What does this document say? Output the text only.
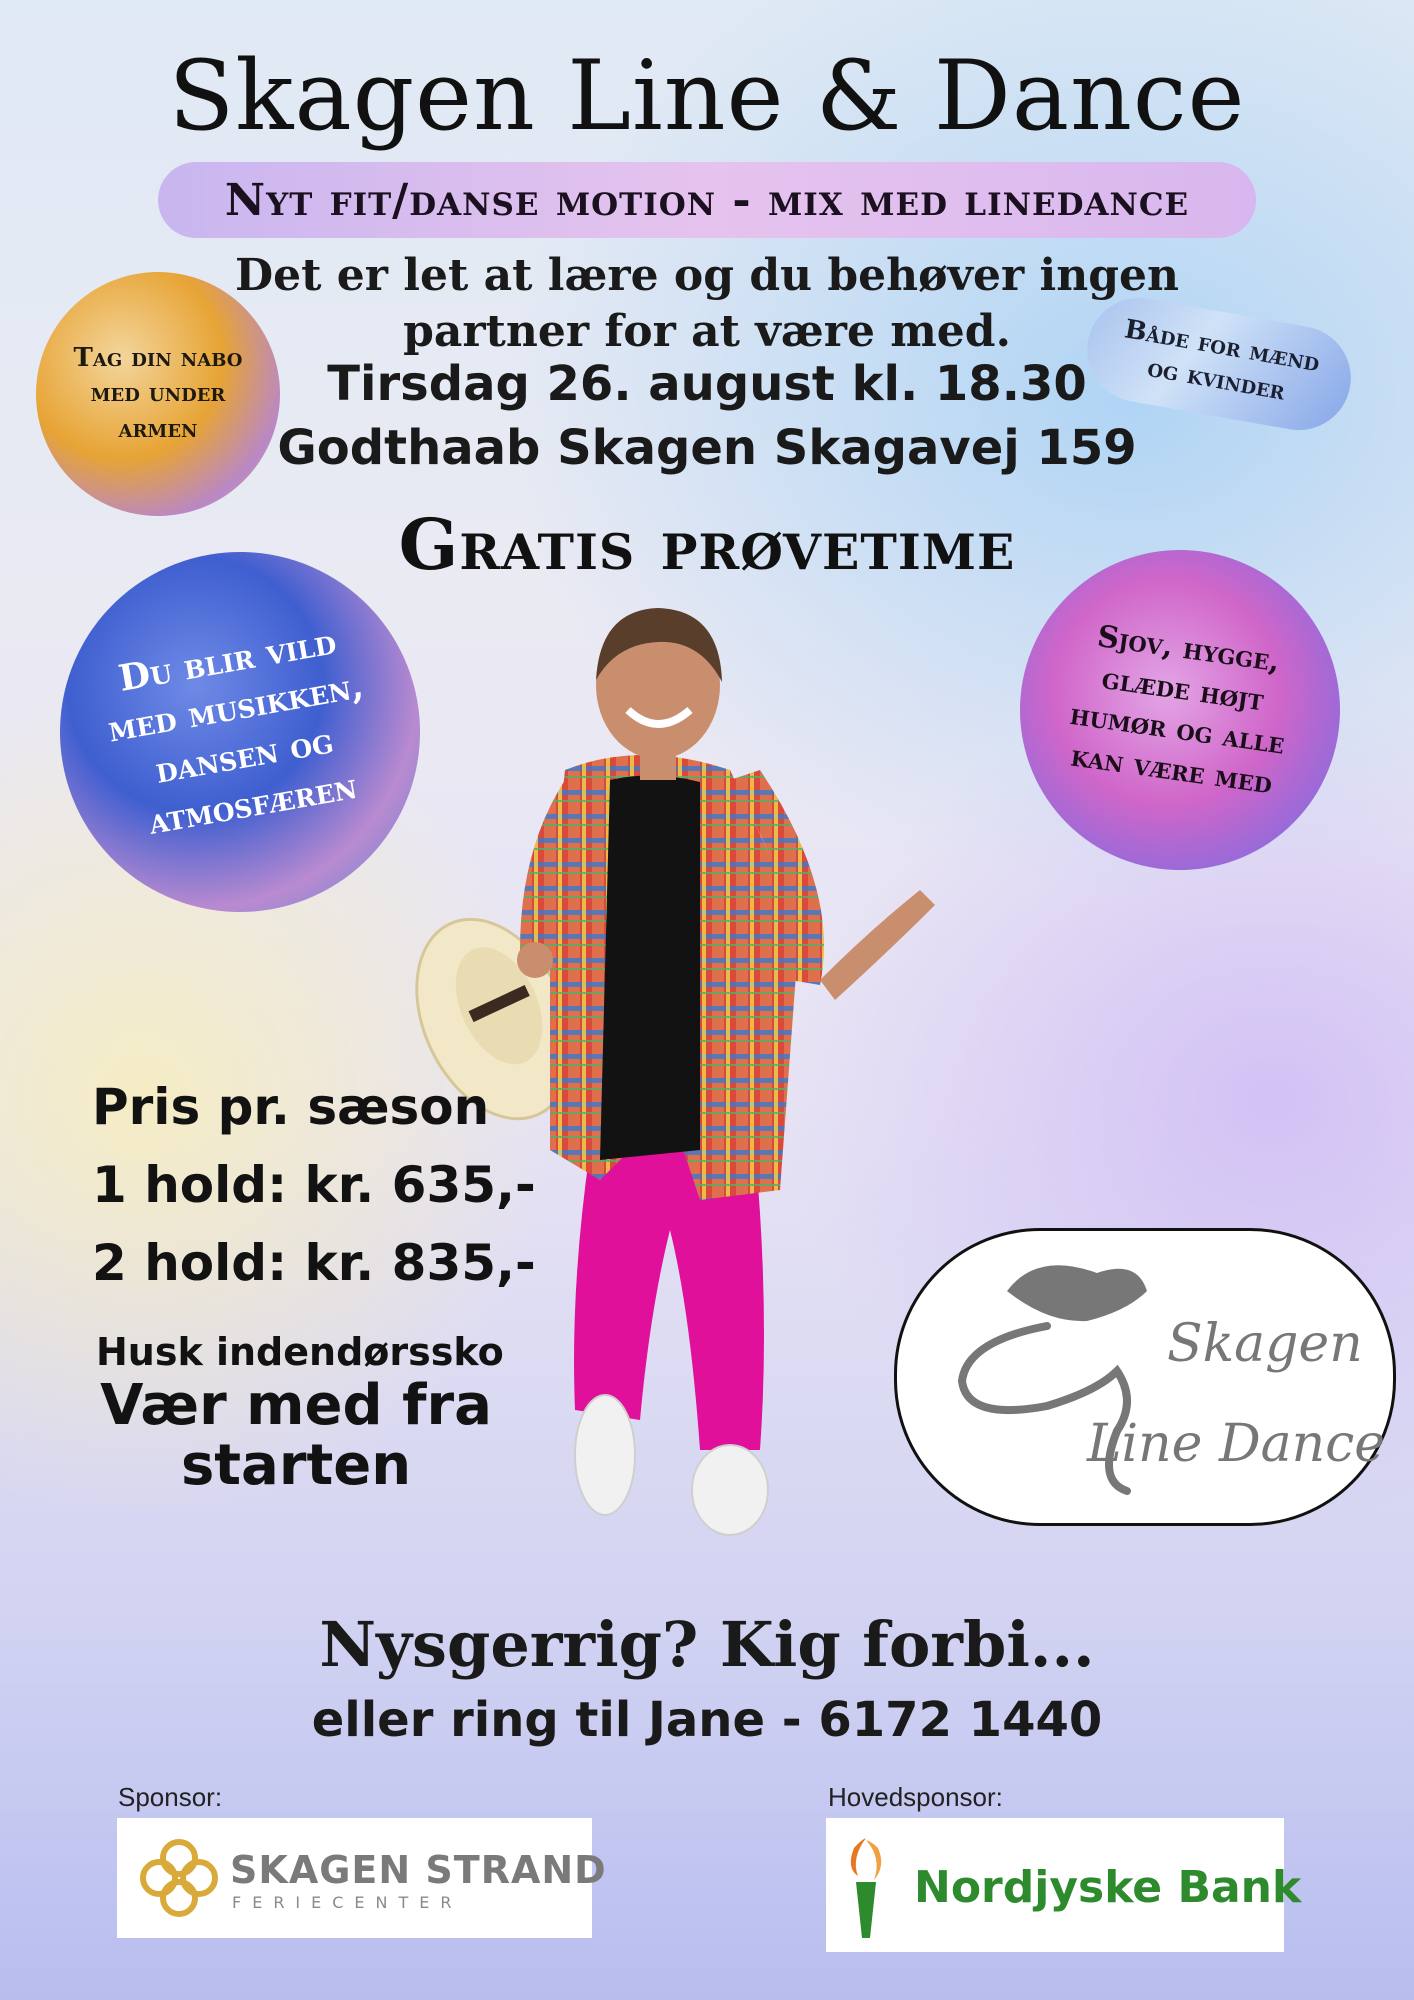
Skagen Line & Dance
Nyt fit/danse motion - mix med linedance
Det er let at lære og du behøver ingen
partner for at være med.
Tirsdag 26. august kl. 18.30
Godthaab Skagen Skagavej 159
Gratis prøvetime
Tag din nabo med under armen
Både for mænd og kvinder
Du blir vild med musikken, dansen og atmosfæren
Sjov, hygge, glæde højt humør og alle kan være med
Pris pr. sæson
1 hold: kr. 635,-
2 hold: kr. 835,-
Husk indendørssko
Vær med fra starten
Skagen
Line Dance
Nysgerrig? Kig forbi...
eller ring til Jane - 6172 1440
Sponsor:	Hovedsponsor:
SKAGEN STRAND
FERIECENTER	Nordjyske Bank
